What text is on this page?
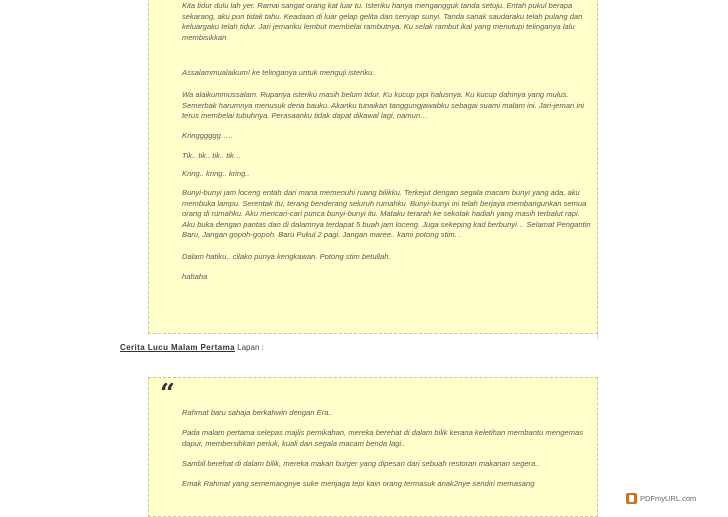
Kita tidur dulu lah yer. Ramai sangat orang kat luar tu. Isteriku hanya mengangguk tanda setuju. Entah pukul berapa sekarang, aku pun tidak tahu. Keadaan di luar gelap gelita dan senyap sunyi. Tanda sanak saudaraku telah pulang dan keluargaku telah tidur. Jari jemariku lembut membelai rambutnya. Ku selak rambut ikal yang menutupi telinganya lalu membisikkan

Assalammualaikum! ke telinganya untuk menguji isteriku.

Wa alaikummussalam. Rupanya isteriku masih belum tidur. Ku kucup pipi halusnya. Ku kucup dahinya yang mulus. Semerbak harumnya menusuk deria bauku. Akanku tunaikan tanggungjawabku sebagai suami malam ini. Jari-jemari ini terus membelai tubuhnya. Perasaanku tidak dapat dikawal lagi, namun…

Kringggggg…..

Tik.. tik.. tik.. tik…

Kring.. kring.. kring..

Bunyi-bunyi jam loceng entah dari mana memenuhi ruang bilikku. Terkejut dengan segala macam bunyi yang ada, aku membuka lampu. Serentak itu, terang benderang seluruh rumahku. Bunyi-bunyi ini telah berjaya membangunkan semua orang di rumahku. Aku mencari-cari punca bunyi-bunyi itu. Mataku terarah ke sekotak hadiah yang masih terbalut rapi. Aku buka dengan pantas dan di dalamnya terdapat 5 buah jam loceng. Juga sekeping kad berbunyi… Selamat Pengantin Baru, Jangan gopoh-gopoh. Baru Pukul 2 pagi. Jangan maree.. kami potong stim. .

Dalam hatiku.. cilako punya kengkawan. Potong stim betullah.

hahaha

Cerita Lucu Malam Pertama Lapan :
“

Rahmat baru sahaja berkahwin dengan Era..

Pada malam pertama selepas majlis pernikahan, mereka berehat di dalam bilik kerana keletihan membantu mengemas dapur, membersihkan periuk, kuali dan segala macam benda lagi..

Sambil berehat di dalam bilik, mereka makan burger yang dipesan dari sebuah restoran makanan segera..

Emak Rahmat yang sememangnye suke menjaga tepi kain orang termasuk anak2nye sendiri memasang

PDFmyURL.com
